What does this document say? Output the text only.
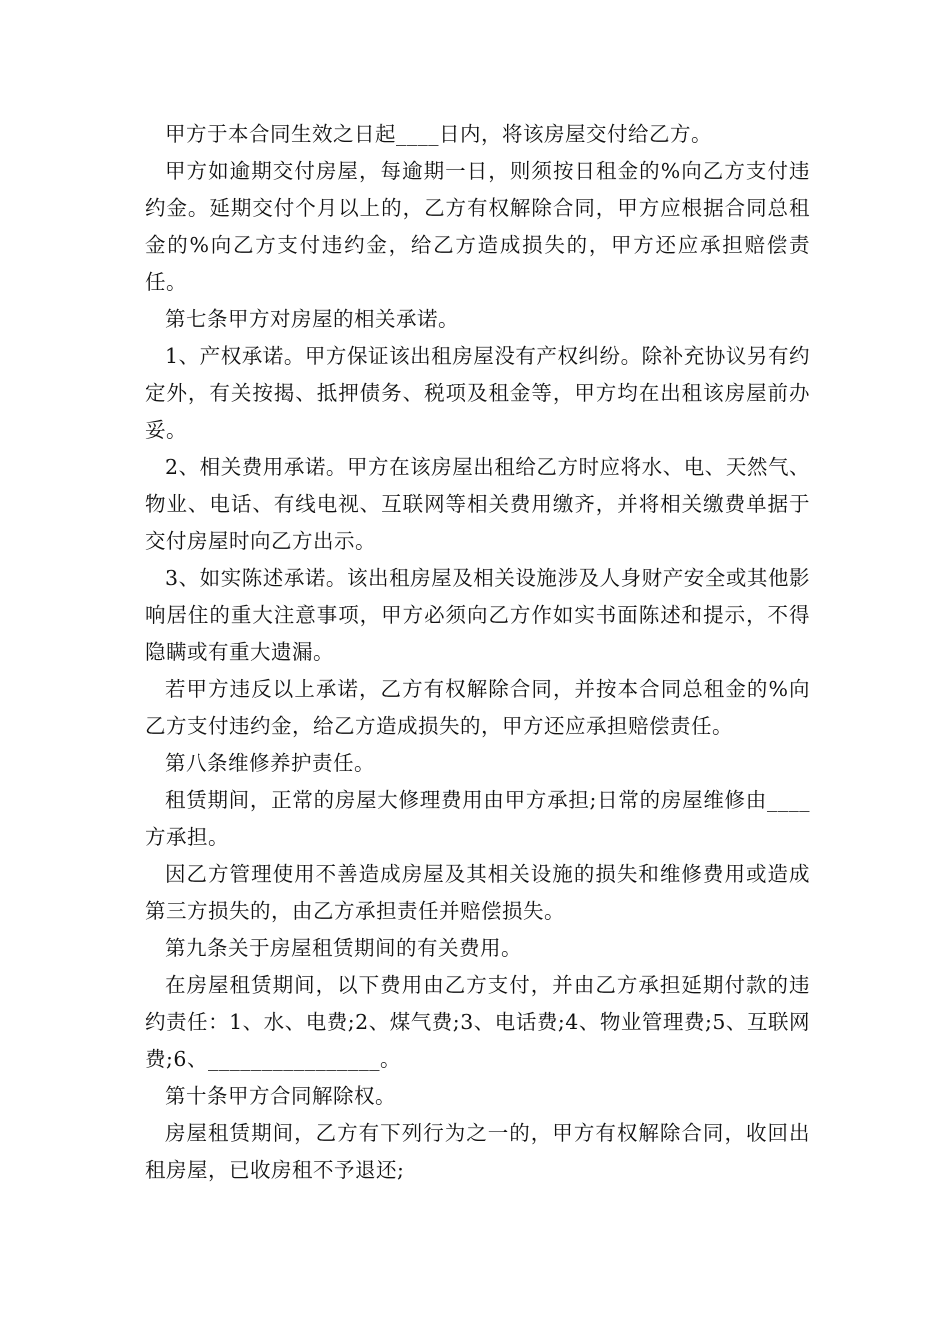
甲方于本合同生效之日起____日内，将该房屋交付给乙方。

甲方如逾期交付房屋，每逾期一日，则须按日租金的%向乙方支付违约金。延期交付个月以上的，乙方有权解除合同，甲方应根据合同总租金的%向乙方支付违约金，给乙方造成损失的，甲方还应承担赔偿责任。

第七条甲方对房屋的相关承诺。

1、产权承诺。甲方保证该出租房屋没有产权纠纷。除补充协议另有约定外，有关按揭、抵押债务、税项及租金等，甲方均在出租该房屋前办妥。

2、相关费用承诺。甲方在该房屋出租给乙方时应将水、电、天然气、物业、电话、有线电视、互联网等相关费用缴齐，并将相关缴费单据于交付房屋时向乙方出示。

3、如实陈述承诺。该出租房屋及相关设施涉及人身财产安全或其他影响居住的重大注意事项，甲方必须向乙方作如实书面陈述和提示，不得隐瞒或有重大遗漏。

若甲方违反以上承诺，乙方有权解除合同，并按本合同总租金的%向乙方支付违约金，给乙方造成损失的，甲方还应承担赔偿责任。

第八条维修养护责任。

租赁期间，正常的房屋大修理费用由甲方承担;日常的房屋维修由____方承担。

因乙方管理使用不善造成房屋及其相关设施的损失和维修费用或造成第三方损失的，由乙方承担责任并赔偿损失。

第九条关于房屋租赁期间的有关费用。

在房屋租赁期间，以下费用由乙方支付，并由乙方承担延期付款的违约责任：1、水、电费;2、煤气费;3、电话费;4、物业管理费;5、互联网费;6、________________。

第十条甲方合同解除权。

房屋租赁期间，乙方有下列行为之一的，甲方有权解除合同，收回出租房屋，已收房租不予退还;
